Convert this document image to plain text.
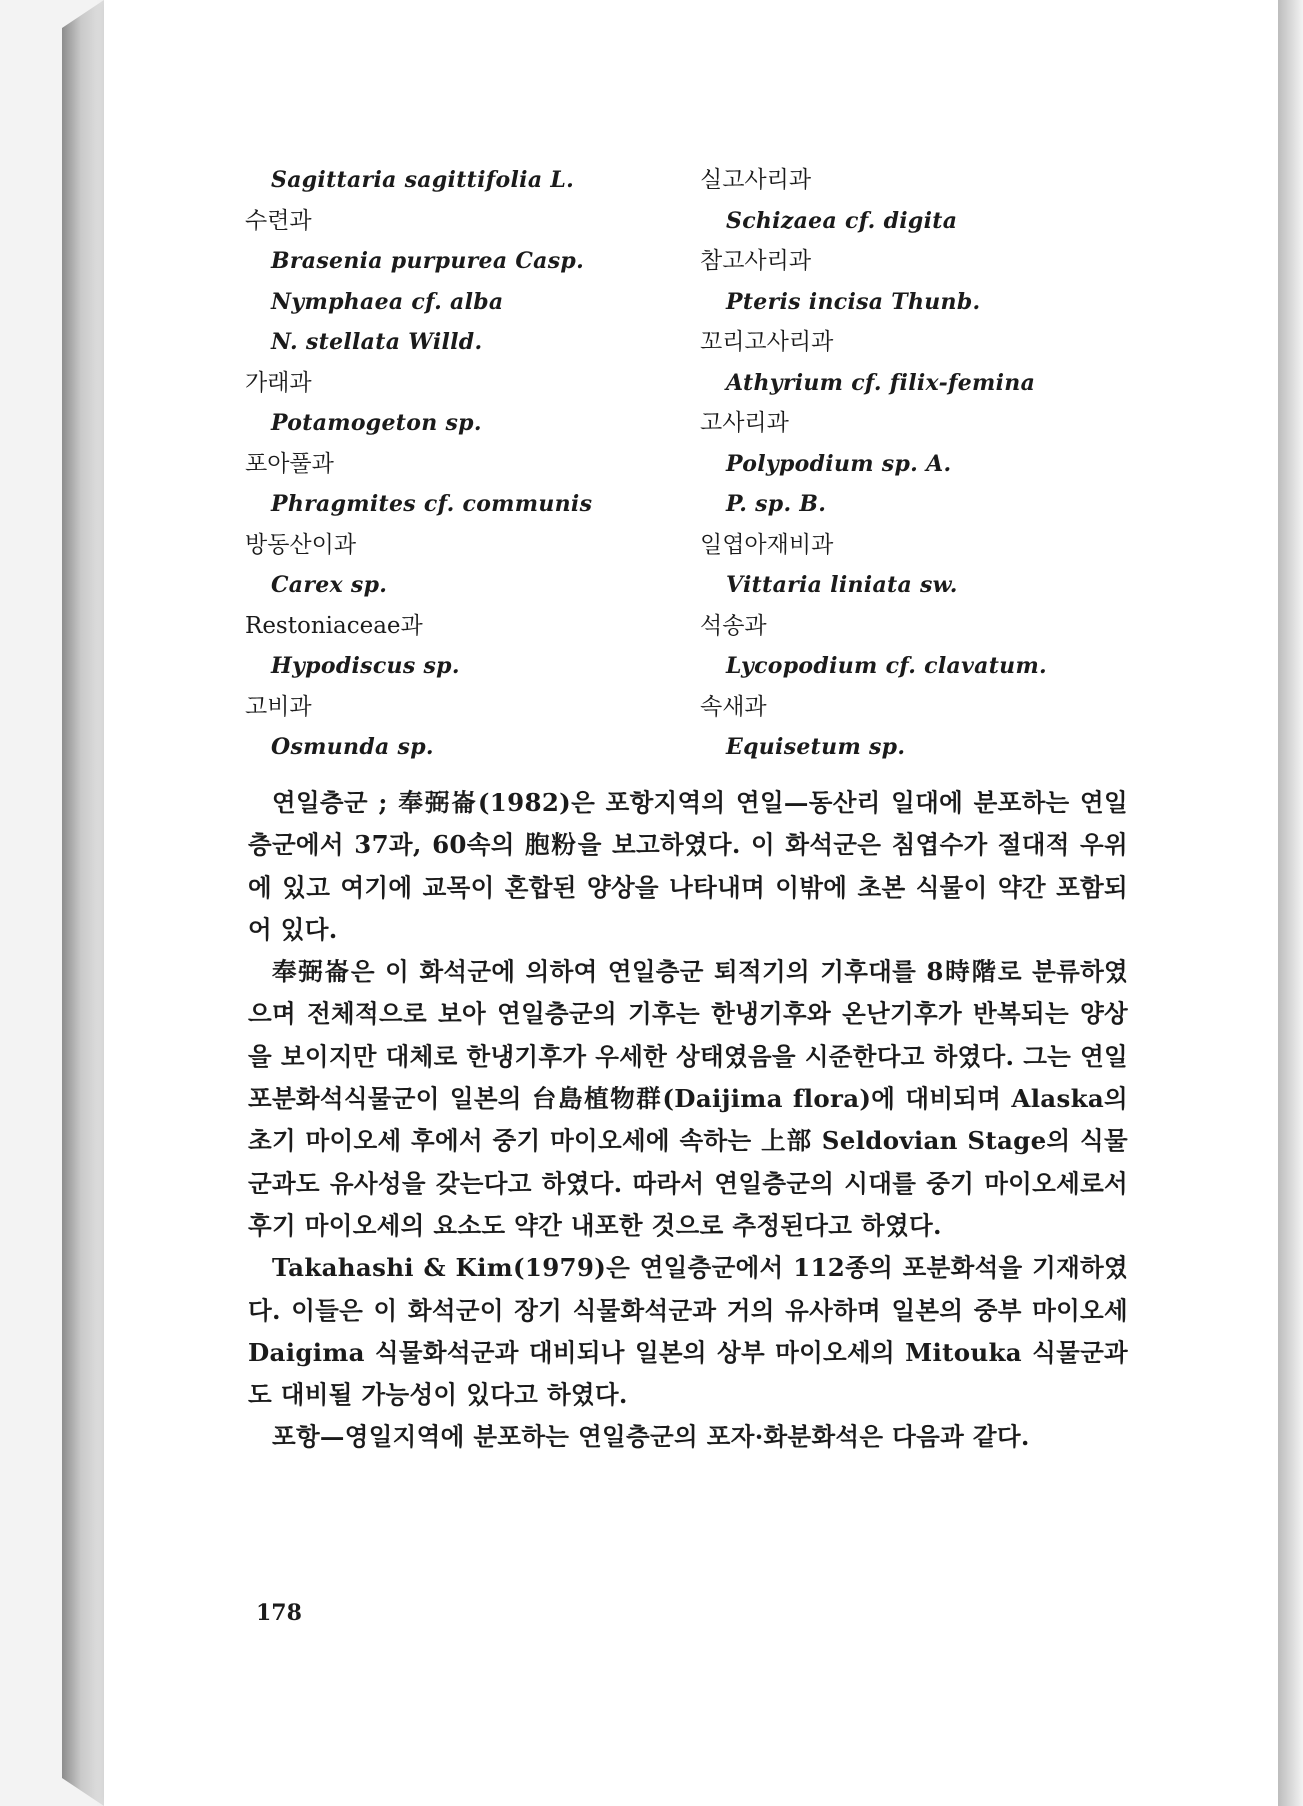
Sagittaria sagittifolia L.
수련과
Brasenia purpurea Casp.
Nymphaea cf. alba
N. stellata Willd.
가래과
Potamogeton sp.
포아풀과
Phragmites cf. communis
방동산이과
Carex sp.
Restoniaceae과
Hypodiscus sp.
고비과
Osmunda sp.
실고사리과
Schizaea cf. digita
참고사리과
Pteris incisa Thunb.
꼬리고사리과
Athyrium cf. filix-femina
고사리과
Polypodium sp. A.
P. sp. B.
일엽아재비과
Vittaria liniata sw.
석송과
Lycopodium cf. clavatum.
속새과
Equisetum sp.

연일층군 ; 奉弼崙(1982)은 포항지역의 연일—동산리 일대에 분포하는 연일층군에서 37과, 60속의 胞粉을 보고하였다. 이 화석군은 침엽수가 절대적 우위에 있고 여기에 교목이 혼합된 양상을 나타내며 이밖에 초본 식물이 약간 포함되어 있다.

奉弼崙은 이 화석군에 의하여 연일층군 퇴적기의 기후대를 8時階로 분류하였으며 전체적으로 보아 연일층군의 기후는 한냉기후와 온난기후가 반복되는 양상을 보이지만 대체로 한냉기후가 우세한 상태였음을 시준한다고 하였다. 그는 연일 포분화석식물군이 일본의 台島植物群(Daijima flora)에 대비되며 Alaska의 초기 마이오세 후에서 중기 마이오세에 속하는 上部 Seldovian Stage의 식물군과도 유사성을 갖는다고 하였다. 따라서 연일층군의 시대를 중기 마이오세로서 후기 마이오세의 요소도 약간 내포한 것으로 추정된다고 하였다.

Takahashi & Kim(1979)은 연일층군에서 112종의 포분화석을 기재하였다. 이들은 이 화석군이 장기 식물화석군과 거의 유사하며 일본의 중부 마이오세 Daigima 식물화석군과 대비되나 일본의 상부 마이오세의 Mitouka 식물군과도 대비될 가능성이 있다고 하였다.

포항—영일지역에 분포하는 연일층군의 포자·화분화석은 다음과 같다.

178
